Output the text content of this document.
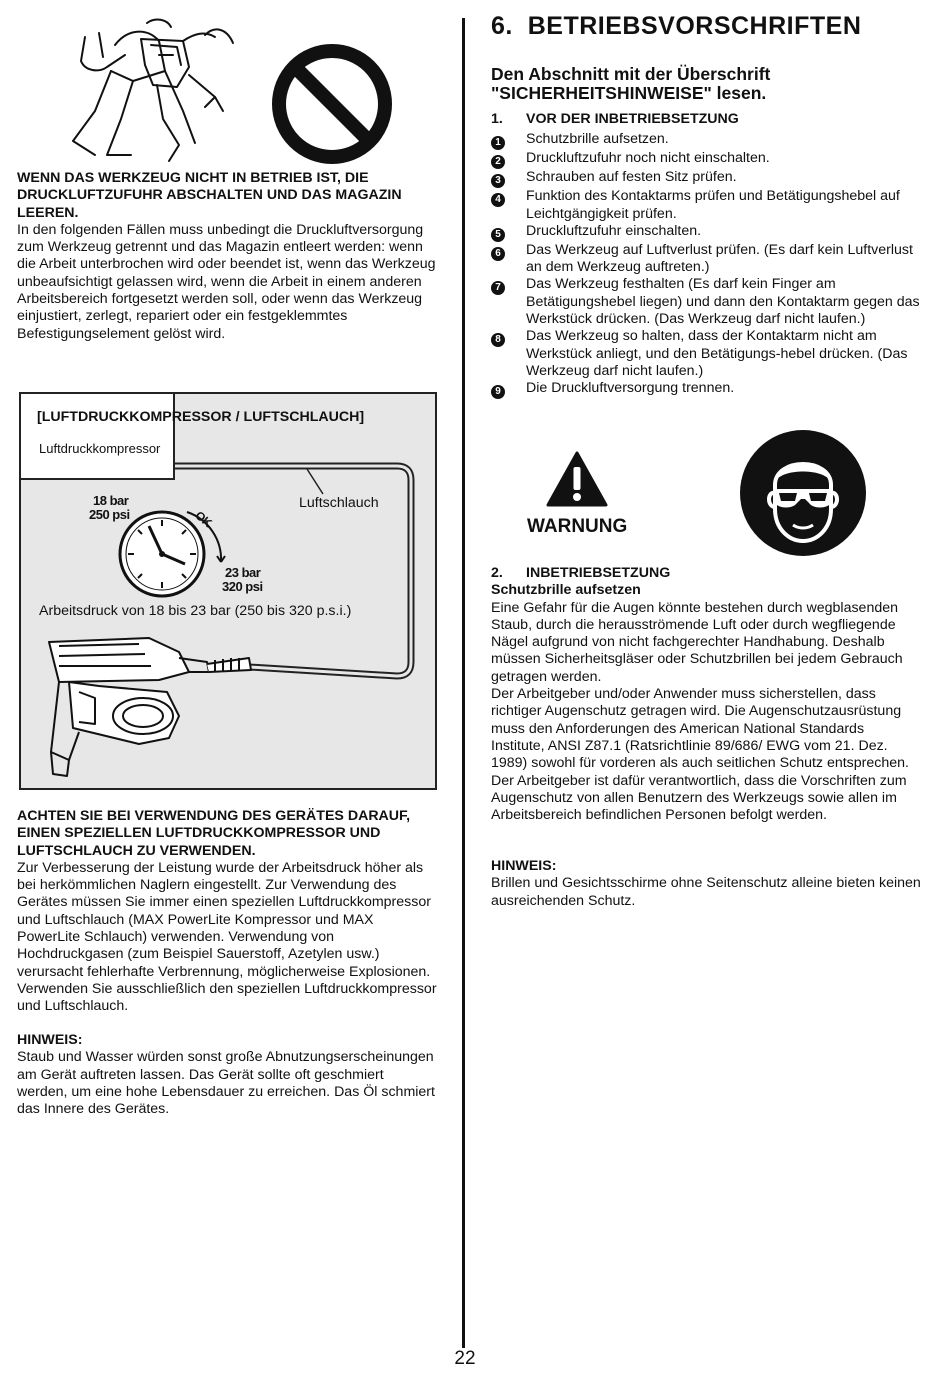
WENN DAS WERKZEUG NICHT IN BETRIEB IST, DIE DRUCKLUFTZUFUHR ABSCHALTEN UND DAS MAGAZIN LEEREN.
In den folgenden Fällen muss unbedingt die Druckluftversorgung zum Werkzeug getrennt und das Magazin entleert werden: wenn die Arbeit unterbrochen wird oder beendet ist, wenn das Werkzeug unbeaufsichtigt gelassen wird, wenn die Arbeit in einem anderen Arbeitsbereich fortgesetzt werden soll, oder wenn das Werkzeug einjustiert, zerlegt, repariert oder ein festgeklemmtes Befestigungselement gelöst wird.
Luftdruckkompressor
[LUFTDRUCKKOMPRESSOR / LUFTSCHLAUCH]
Luftschlauch
18 bar
250 psi	OK
23 bar
320 psi
Arbeitsdruck von 18 bis 23 bar (250 bis 320 p.s.i.)
ACHTEN SIE BEI VERWENDUNG DES GERÄTES DARAUF, EINEN SPEZIELLEN LUFTDRUCKKOMPRESSOR UND LUFTSCHLAUCH ZU VERWENDEN.
Zur Verbesserung der Leistung wurde der Arbeitsdruck höher als bei herkömmlichen Naglern eingestellt. Zur Verwendung des Gerätes müssen Sie immer einen speziellen Luftdruckkompressor und Luftschlauch (MAX PowerLite Kompressor und MAX PowerLite Schlauch) verwenden. Verwendung von Hochdruckgasen (zum Beispiel Sauerstoff, Azetylen usw.) verursacht fehlerhafte Verbrennung, möglicherweise Explosionen. Verwenden Sie ausschließlich den speziellen Luftdruckkompressor und Luftschlauch.
HINWEIS:
Staub und Wasser würden sonst große Abnutzungserscheinungen am Gerät auftreten lassen. Das Gerät sollte oft geschmiert werden, um eine hohe Lebensdauer zu erreichen. Das Öl schmiert das Innere des Gerätes.
6.  BETRIEBSVORSCHRIFTEN
Den Abschnitt mit der Überschrift "SICHERHEITSHINWEISE" lesen.
1.	VOR DER INBETRIEBSETZUNG
1	Schutzbrille aufsetzen.
2	Druckluftzufuhr noch nicht einschalten.
3	Schrauben auf festen Sitz prüfen.
4	Funktion des Kontaktarms prüfen und Betätigungshebel auf Leichtgängigkeit prüfen.
5	Druckluftzufuhr einschalten.
6	Das Werkzeug auf Luftverlust prüfen. (Es darf kein Luftverlust an dem Werkzeug auftreten.)
7	Das Werkzeug festhalten (Es darf kein Finger am Betätigungshebel liegen) und dann den Kontaktarm gegen das Werkstück drücken. (Das Werkzeug darf nicht laufen.)
8	Das Werkzeug so halten, dass der Kontaktarm nicht am Werkstück anliegt, und den Betätigungs-hebel drücken. (Das Werkzeug darf nicht laufen.)
9	Die Druckluftversorgung trennen.
WARNUNG
2.	INBETRIEBSETZUNG
Schutzbrille aufsetzen
Eine Gefahr für die Augen könnte bestehen durch wegblasenden Staub, durch die herausströmende Luft oder durch wegfliegende Nägel aufgrund von nicht fachgerechter Handhabung. Deshalb müssen Sicherheitsgläser oder Schutzbrillen bei jedem Gebrauch getragen werden.
Der Arbeitgeber und/oder Anwender muss sicherstellen, dass richtiger Augenschutz getragen wird. Die Augenschutzausrüstung muss den Anforderungen des American National Standards Institute, ANSI Z87.1 (Ratsrichtlinie 89/686/ EWG vom 21. Dez. 1989) sowohl für vorderen als auch seitlichen Schutz entsprechen.
Der Arbeitgeber ist dafür verantwortlich, dass die Vorschriften zum Augenschutz von allen Benutzern des Werkzeugs sowie allen im Arbeitsbereich befindlichen Personen befolgt werden.
HINWEIS:
Brillen und Gesichtsschirme ohne Seitenschutz alleine bieten keinen ausreichenden Schutz.
22
